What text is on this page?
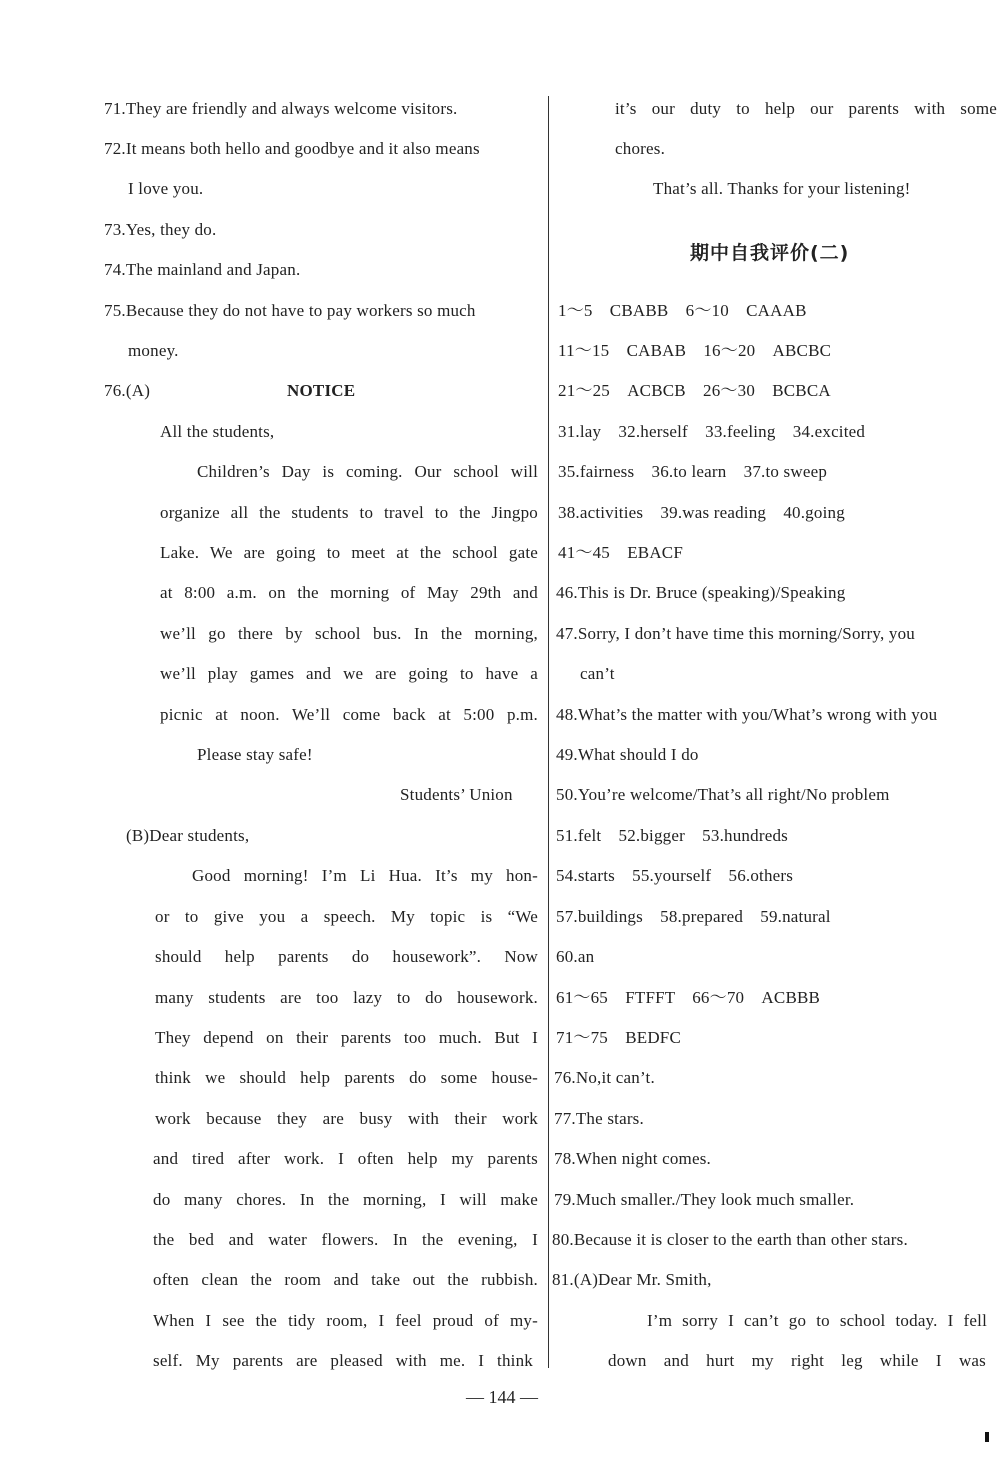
71.They are friendly and always welcome visitors.
72.It means both hello and goodbye and it also means
I love you.
73.Yes, they do.
74.The mainland and Japan.
75.Because they do not have to pay workers so much
money.
76.(A)	NOTICE
All the students,
Children’s Day is coming. Our school will
organize all the students to travel to the Jingpo
Lake. We are going to meet at the school gate
at 8:00 a.m. on the morning of May 29th and
we’ll go there by school bus. In the morning,
we’ll play games and we are going to have a
picnic at noon. We’ll come back at 5:00 p.m.
Please stay safe!
Students’ Union
(B)Dear students,
Good morning! I’m Li Hua. It’s my hon-
or to give you a speech. My topic is “We
should help parents do housework”. Now
many students are too lazy to do housework.
They depend on their parents too much. But I
think we should help parents do some house-
work because they are busy with their work
and tired after work. I often help my parents
do many chores. In the morning, I will make
the bed and water flowers. In the evening, I
often clean the room and take out the rubbish.
When I see the tidy room, I feel proud of my-
self. My parents are pleased with me. I think
it’s our duty to help our parents with some
chores.
That’s all. Thanks for your listening!
期中自我评价(二)
1～5　CBABB　6～10　CAAAB
11～15　CABAB　16～20　ABCBC
21～25　ACBCB　26～30　BCBCA
31.lay　32.herself　33.feeling　34.excited
35.fairness　36.to learn　37.to sweep
38.activities　39.was reading　40.going
41～45　EBACF
46.This is Dr. Bruce (speaking)/Speaking
47.Sorry, I don’t have time this morning/Sorry, you
can’t
48.What’s the matter with you/What’s wrong with you
49.What should I do
50.You’re welcome/That’s all right/No problem
51.felt　52.bigger　53.hundreds
54.starts　55.yourself　56.others
57.buildings　58.prepared　59.natural
60.an
61～65　FTFFT　66～70　ACBBB
71～75　BEDFC
76.No,it can’t.
77.The stars.
78.When night comes.
79.Much smaller./They look much smaller.
80.Because it is closer to the earth than other stars.
81.(A)Dear Mr. Smith,
I’m sorry I can’t go to school today. I fell
down and hurt my right leg while I was
— 144 —
